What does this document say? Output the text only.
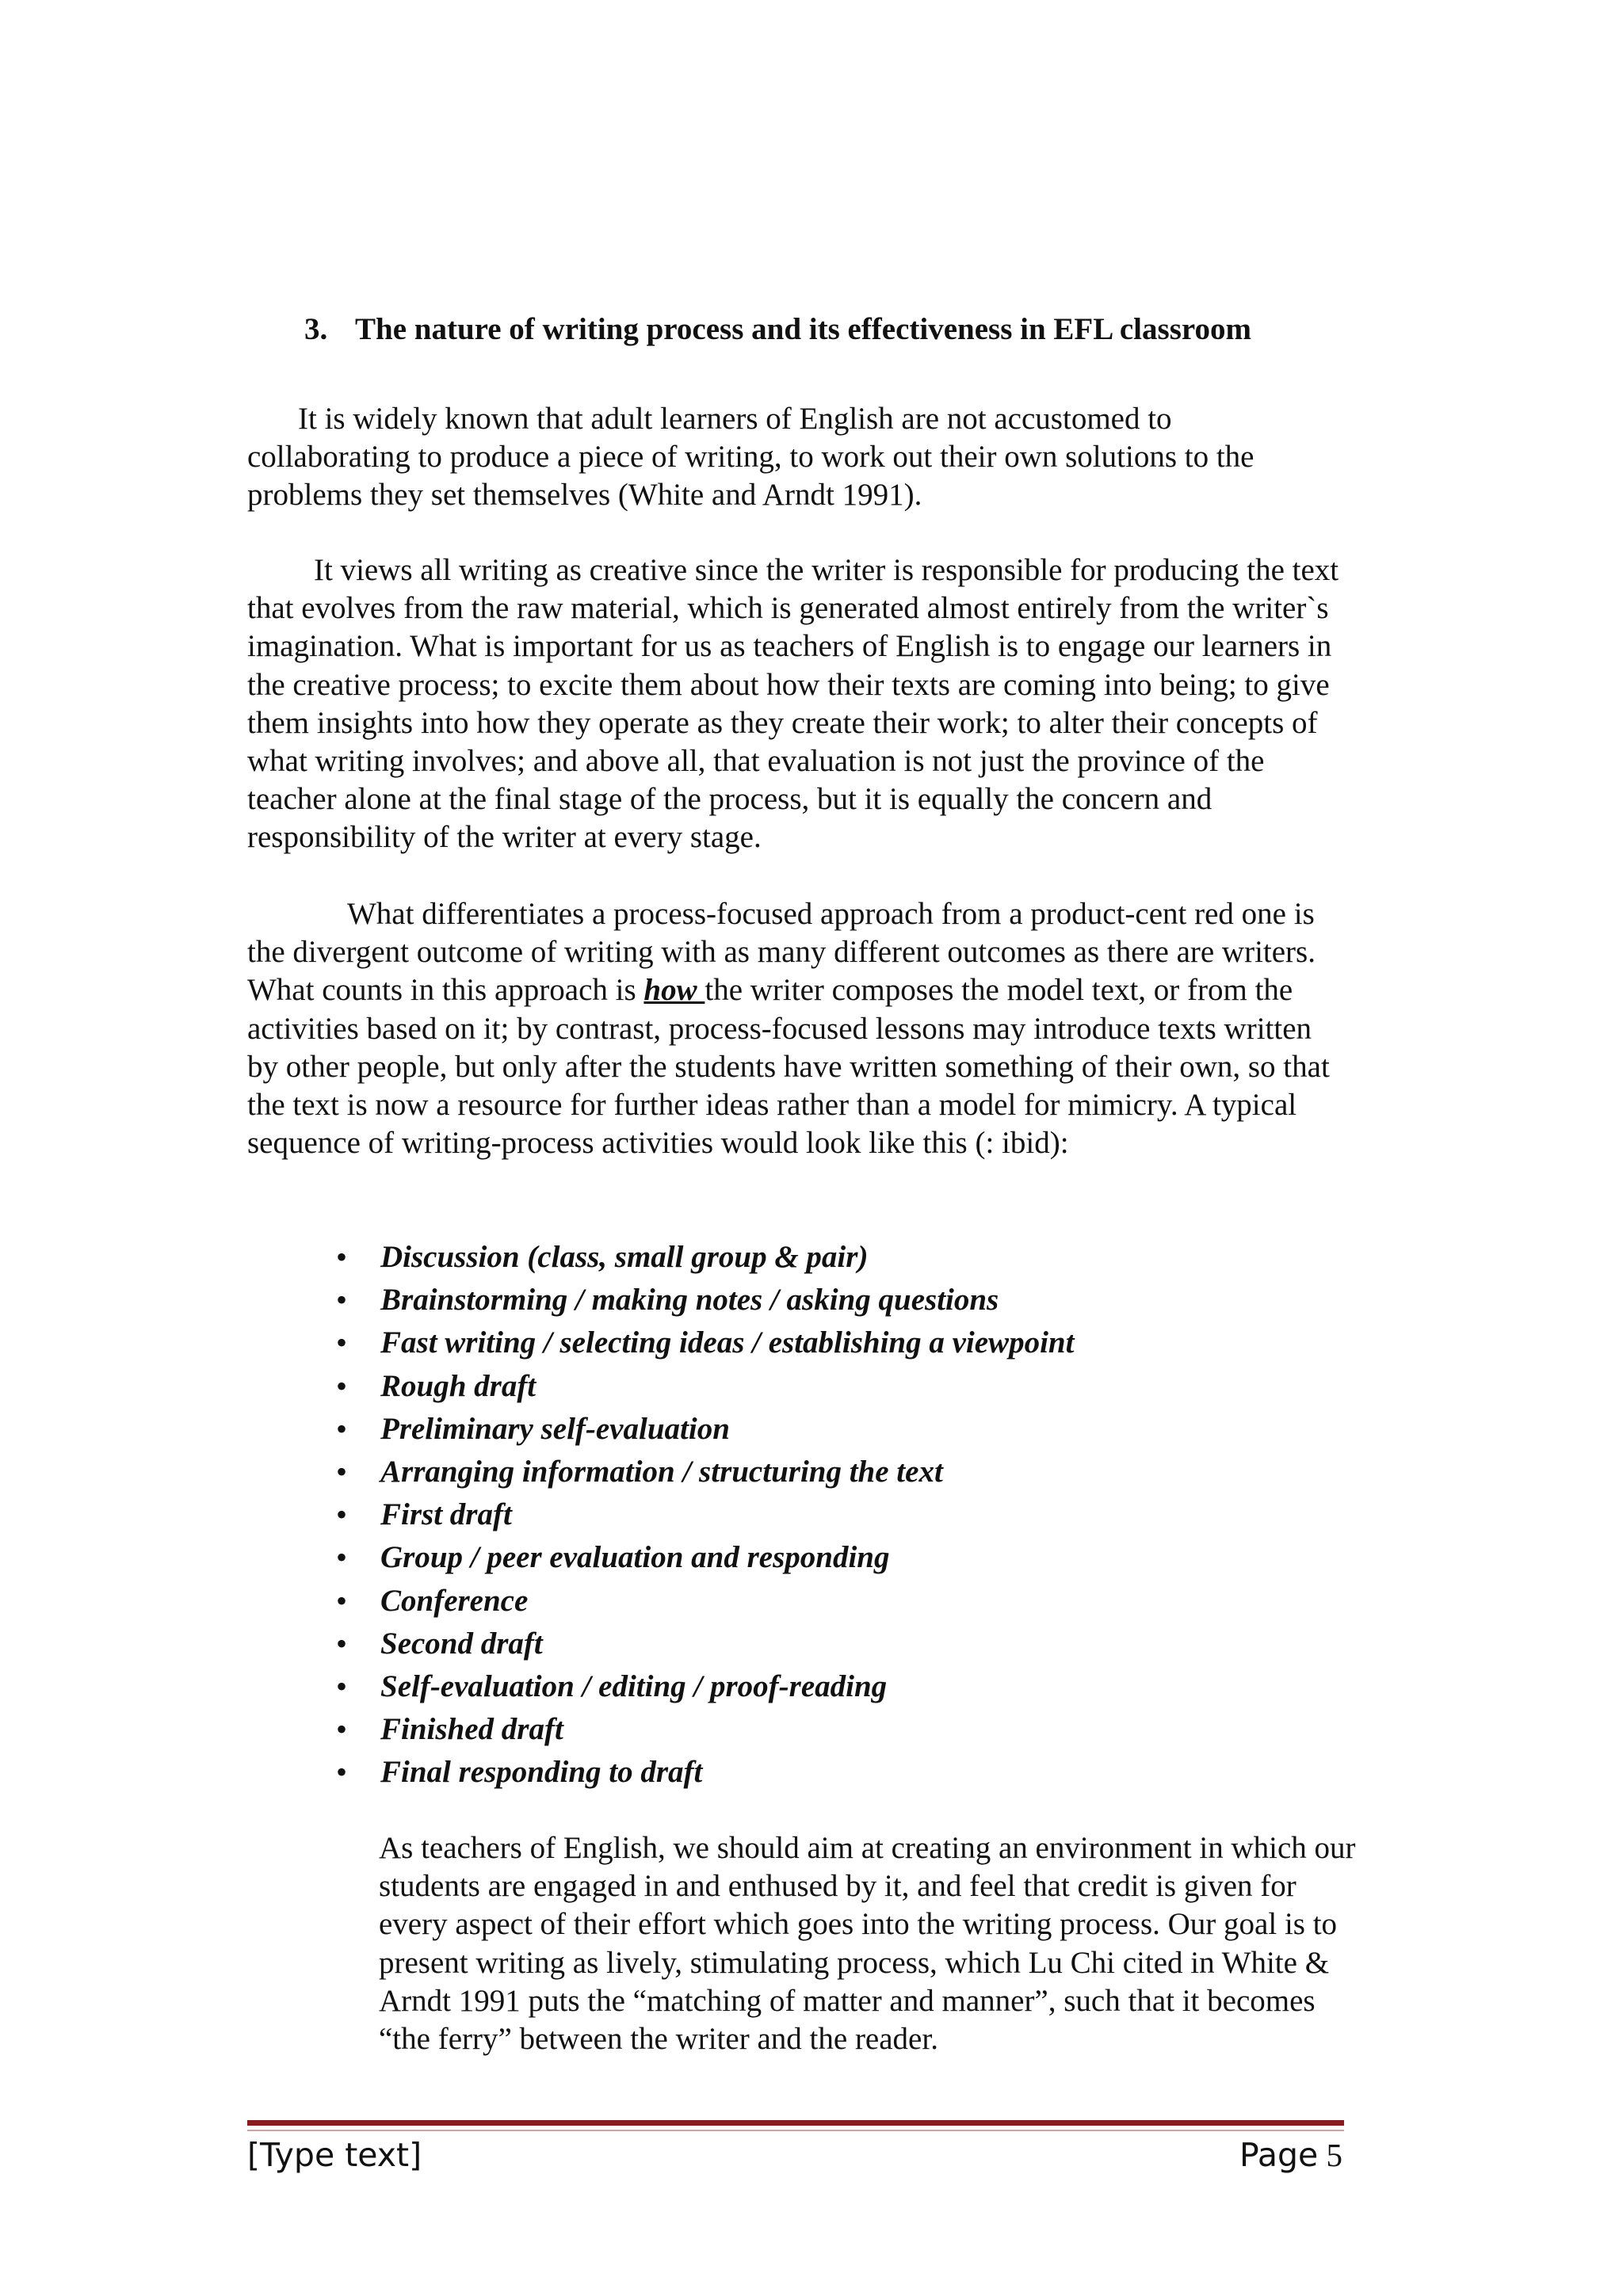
3. The nature of writing process and its effectiveness in EFL classroom

It is widely known that adult learners of English are not accustomed to collaborating to produce a piece of writing, to work out their own solutions to the problems they set themselves (White and Arndt 1991).

It views all writing as creative since the writer is responsible for producing the text that evolves from the raw material, which is generated almost entirely from the writer`s imagination. What is important for us as teachers of English is to engage our learners in the creative process; to excite them about how their texts are coming into being; to give them insights into how they operate as they create their work; to alter their concepts of what writing involves; and above all, that evaluation is not just the province of the teacher alone at the final stage of the process, but it is equally the concern and responsibility of the writer at every stage.

What differentiates a process-focused approach from a product-cent red one is the divergent outcome of writing with as many different outcomes as there are writers. What counts in this approach is how the writer composes the model text, or from the activities based on it; by contrast, process-focused lessons may introduce texts written by other people, but only after the students have written something of their own, so that the text is now a resource for further ideas rather than a model for mimicry. A typical sequence of writing-process activities would look like this (: ibid):

• Discussion (class, small group & pair)
• Brainstorming / making notes / asking questions
• Fast writing / selecting ideas / establishing a viewpoint
• Rough draft
• Preliminary self-evaluation
• Arranging information / structuring the text
• First draft
• Group / peer evaluation and responding
• Conference
• Second draft
• Self-evaluation / editing / proof-reading
• Finished draft
• Final responding to draft

As teachers of English, we should aim at creating an environment in which our students are engaged in and enthused by it, and feel that credit is given for every aspect of their effort which goes into the writing process. Our goal is to present writing as lively, stimulating process, which Lu Chi cited in White & Arndt 1991 puts the “matching of matter and manner”, such that it becomes “the ferry” between the writer and the reader.

[Type text]	Page 5
